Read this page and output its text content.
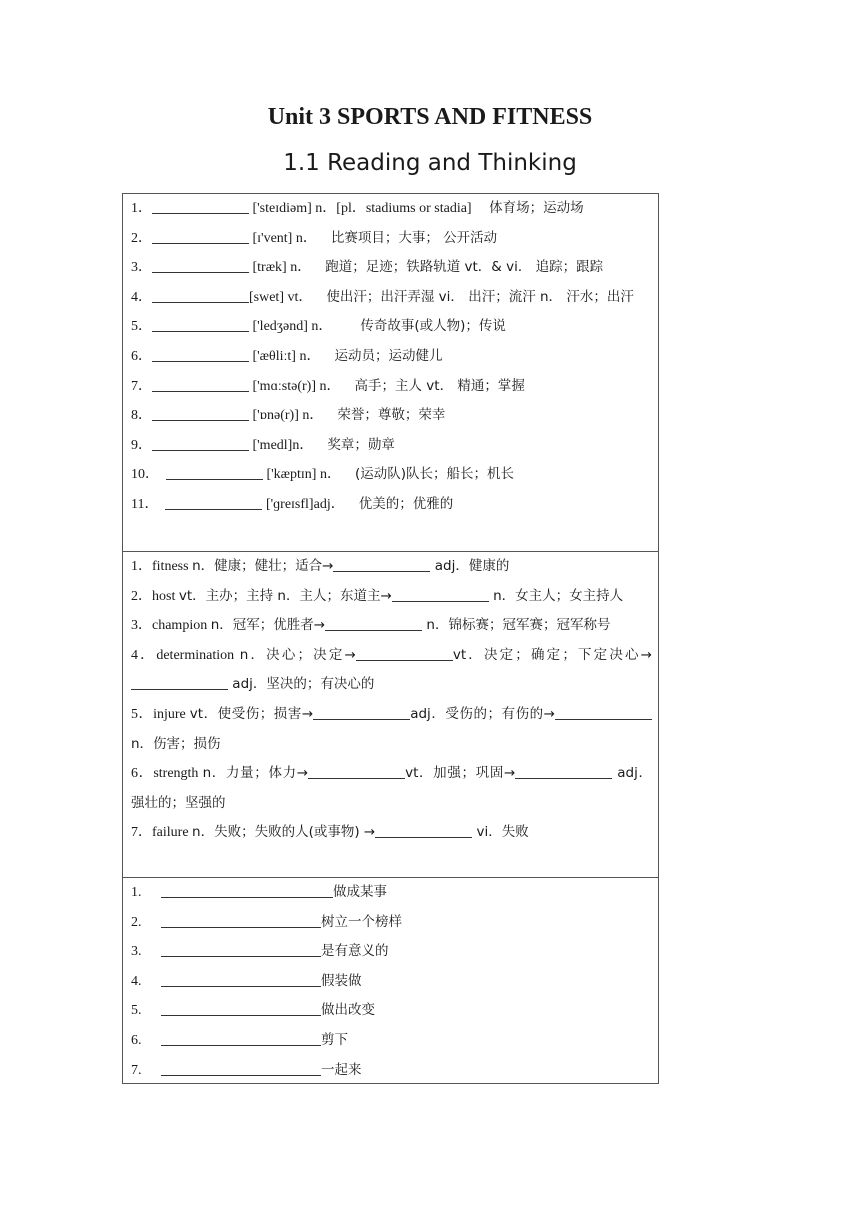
Unit 3 SPORTS AND FITNESS
1.1 Reading and Thinking
1．	['steɪdiəm] n．[pl．stadiums or stadia] 体育场；运动场
2．	[ɪ'vent] n． 比赛项目；大事； 公开活动
3．	[træk] n． 跑道；足迹；铁路轨道 vt．& vi． 追踪；跟踪
4．	[swet] vt． 使出汗；出汗弄湿 vi． 出汗；流汗 n． 汗水；出汗
5．	['ledʒənd] n． 传奇故事(或人物)；传说
6．	['æθliːt] n． 运动员；运动健儿
7．	['mɑːstə(r)] n． 高手；主人 vt． 精通；掌握
8．	['ɒnə(r)] n． 荣誉；尊敬；荣幸
9．	['medl]n． 奖章；勋章
10．	['kæptɪn] n． (运动队)队长；船长；机长
11．	['ɡreɪsfl]adj． 优美的；优雅的
1．fitness n．健康；健壮；适合→	adj．健康的
2．host vt．主办；主持 n．主人；东道主→	n．女主人；女主持人
3．champion n．冠军；优胜者→	n．锦标赛；冠军赛；冠军称号
4．determination n．决心；决定→	vt．决定；确定；下定决心→ adj．坚决的；有决心的
5．injure vt．使受伤；损害→	adj．受伤的；有伤的→ n．伤害；损伤
6．strength n．力量；体力→	vt．加强；巩固→	adj．强壮的；坚强的
7．failure n．失败；失败的人(或事物) →	vi．失败
1.	做成某事
2.	树立一个榜样
3.	是有意义的
4.	假装做
5.	做出改变
6.	剪下
7.	一起来
